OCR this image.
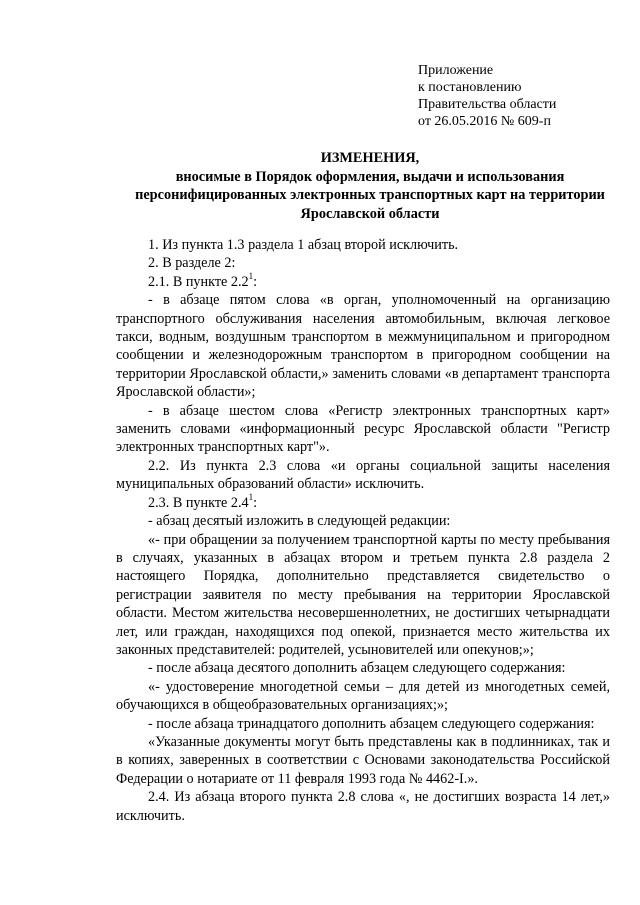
Приложение
к постановлению
Правительства области
от 26.05.2016 № 609-п
ИЗМЕНЕНИЯ,
вносимые в Порядок оформления, выдачи и использования
персонифицированных электронных транспортных карт на территории
Ярославской области

1. Из пункта 1.3 раздела 1 абзац второй исключить.

2. В разделе 2:

2.1. В пункте $2.2^1$:

- в абзаце пятом слова «в орган, уполномоченный на организацию транспортного обслуживания населения автомобильным, включая легковое такси, водным, воздушным транспортом в межмуниципальном и пригородном сообщении и железнодорожным транспортом в пригородном сообщении на территории Ярославской области,» заменить словами «в департамент транспорта Ярославской области»;

- в абзаце шестом слова «Регистр электронных транспортных карт» заменить словами «информационный ресурс Ярославской области "Регистр электронных транспортных карт"».

2.2. Из пункта 2.3 слова «и органы социальной защиты населения муниципальных образований области» исключить.

2.3. В пункте $2.4^1$:

- абзац десятый изложить в следующей редакции:

«- при обращении за получением транспортной карты по месту пребывания в случаях, указанных в абзацах втором и третьем пункта 2.8 раздела 2 настоящего Порядка, дополнительно представляется свидетельство о регистрации заявителя по месту пребывания на территории Ярославской области. Местом жительства несовершеннолетних, не достигших четырнадцати лет, или граждан, находящихся под опекой, признается место жительства их законных представителей: родителей, усыновителей или опекунов;»;

- после абзаца десятого дополнить абзацем следующего содержания:

«- удостоверение многодетной семьи – для детей из многодетных семей, обучающихся в общеобразовательных организациях;»;

- после абзаца тринадцатого дополнить абзацем следующего содержания:

«Указанные документы могут быть представлены как в подлинниках, так и в копиях, заверенных в соответствии с Основами законодательства Российской Федерации о нотариате от 11 февраля 1993 года № 4462-I.».

2.4. Из абзаца второго пункта 2.8 слова «, не достигших возраста 14 лет,» исключить.
